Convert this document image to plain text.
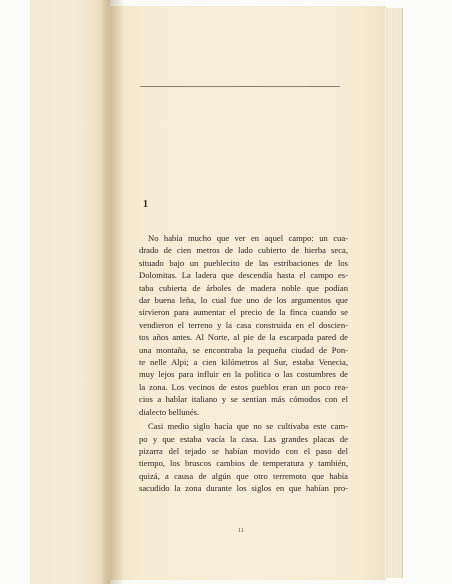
1
No había mucho que ver en aquel campo: un cua-
drado de cien metros de lado cubierto de hierba seca,
situado bajo un pueblecito de las estribaciones de los
Dolomitas. La ladera que descendía hasta el campo es-
taba cubierta de árboles de madera noble que podían
dar buena leña, lo cual fue uno de los argumentos que
sirvieron para aumentar el precio de la finca cuando se
vendieron el terreno y la casa construida en el doscien-
tos años antes. Al Norte, al pie de la escarpada pared de
una montaña, se encontraba la pequeña ciudad de Pon-
te nelle Alpi; a cien kilómetros al Sur, estaba Venecia,
muy lejos para influir en la política o las costumbres de
la zona. Los vecinos de estos pueblos eran un poco rea-
cios a hablar italiano y se sentían más cómodos con el
dialecto bellunés.
Casi medio siglo hacía que no se cultivaba este cam-
po y que estaba vacía la casa. Las grandes placas de
pizarra del tejado se habían movido con el paso del
tiempo, los bruscos cambios de temperatura y también,
quizá, a causa de algún que otro terremoto que había
sacudido la zona durante los siglos en que habían pro-
11
